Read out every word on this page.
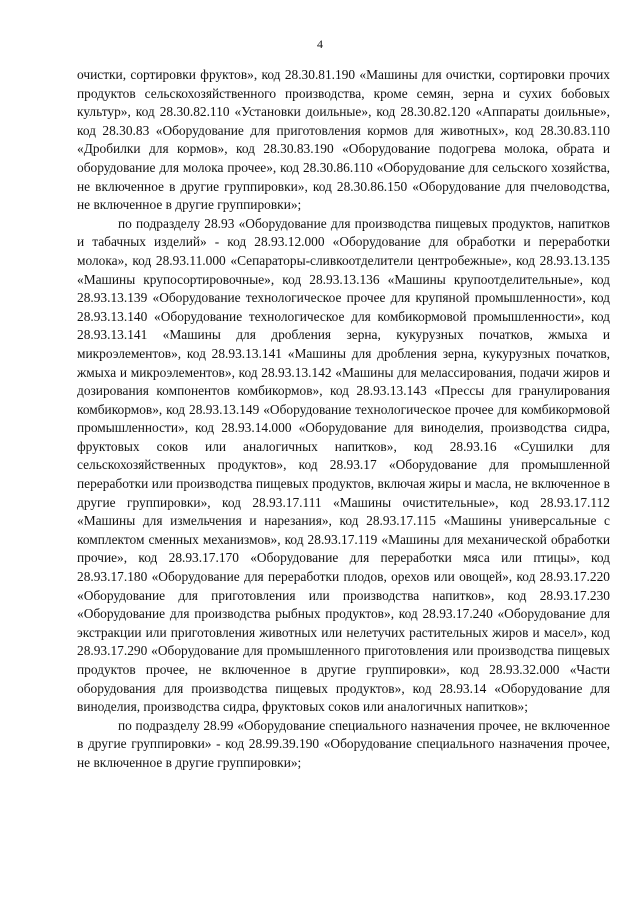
4

очистки, сортировки фруктов», код 28.30.81.190 «Машины для очистки, сортировки прочих продуктов сельскохозяйственного производства, кроме семян, зерна и сухих бобовых культур», код 28.30.82.110 «Установки доильные», код 28.30.82.120 «Аппараты доильные», код 28.30.83 «Оборудование для приготовления кормов для животных», код 28.30.83.110 «Дробилки для кормов», код 28.30.83.190 «Оборудование подогрева молока, обрата и оборудование для молока прочее», код 28.30.86.110 «Оборудование для сельского хозяйства, не включенное в другие группировки», код 28.30.86.150 «Оборудование для пчеловодства, не включенное в другие группировки»;

по подразделу 28.93 «Оборудование для производства пищевых продуктов, напитков и табачных изделий» - код 28.93.12.000 «Оборудование для обработки и переработки молока», код 28.93.11.000 «Сепараторы-сливкоотделители центробежные», код 28.93.13.135 «Машины крупосортировочные», код 28.93.13.136 «Машины крупоотделительные», код 28.93.13.139 «Оборудование технологическое прочее для крупяной промышленности», код 28.93.13.140 «Оборудование технологическое для комбикормовой промышленности», код 28.93.13.141 «Машины для дробления зерна, кукурузных початков, жмыха и микроэлементов», код 28.93.13.141 «Машины для дробления зерна, кукурузных початков, жмыха и микроэлементов», код 28.93.13.142 «Машины для мелассирования, подачи жиров и дозирования компонентов комбикормов», код 28.93.13.143 «Прессы для гранулирования комбикормов», код 28.93.13.149 «Оборудование технологическое прочее для комбикормовой промышленности», код 28.93.14.000 «Оборудование для виноделия, производства сидра, фруктовых соков или аналогичных напитков», код 28.93.16 «Сушилки для сельскохозяйственных продуктов», код 28.93.17 «Оборудование для промышленной переработки или производства пищевых продуктов, включая жиры и масла, не включенное в другие группировки», код 28.93.17.111 «Машины очистительные», код 28.93.17.112 «Машины для измельчения и нарезания», код 28.93.17.115 «Машины универсальные с комплектом сменных механизмов», код 28.93.17.119 «Машины для механической обработки прочие», код 28.93.17.170 «Оборудование для переработки мяса или птицы», код 28.93.17.180 «Оборудование для переработки плодов, орехов или овощей», код 28.93.17.220 «Оборудование для приготовления или производства напитков», код 28.93.17.230 «Оборудование для производства рыбных продуктов», код 28.93.17.240 «Оборудование для экстракции или приготовления животных или нелетучих растительных жиров и масел», код 28.93.17.290 «Оборудование для промышленного приготовления или производства пищевых продуктов прочее, не включенное в другие группировки», код 28.93.32.000 «Части оборудования для производства пищевых продуктов», код 28.93.14 «Оборудование для виноделия, производства сидра, фруктовых соков или аналогичных напитков»;

по подразделу 28.99 «Оборудование специального назначения прочее, не включенное в другие группировки» - код 28.99.39.190 «Оборудование специального назначения прочее, не включенное в другие группировки»;
